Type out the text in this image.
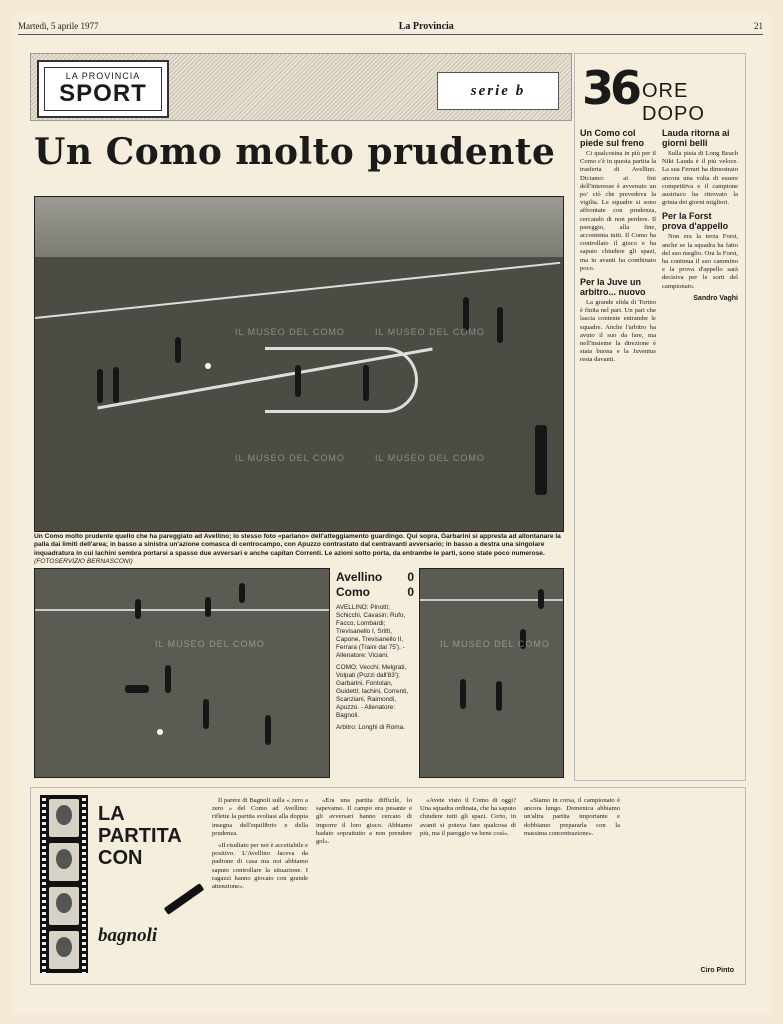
Martedì, 5 aprile 1977	La Provincia	21
LA PROVINCIA
SPORT	serie b
Un Como molto prudente
IL MUSEO DEL COMO	IL MUSEO DEL COMO
IL MUSEO DEL COMO	IL MUSEO DEL COMO
Un Como molto prudente quello che ha pareggiato ad Avellino; lo stesso foto «parlano» dell'atteggiamento guardingo. Qui sopra, Garbarini si appresta ad allontanare la palla dai limiti dell'area; in basso a sinistra un'azione comasca di centrocampo, con Apuzzo contrastato dal centravanti avversario; in basso a destra una singolare inquadratura in cui lachini sembra portarsi a spasso due avversari e anche capitan Correnti. Le azioni sotto porta, da entrambe le parti, sono state poco numerose. (FOTOSERVIZIO BERNASCONI)
IL MUSEO DEL COMO
Avellino 0
Como	0

AVELLINO: Pinotti; Schicchi, Cavasin; Rufo, Facco, Lombardi; Trevisanello I, Sritti, Capone, Trevisanello II, Ferrara (Traini dal 75'). - Allenatore: Viciani.

COMO: Vecchi; Melgrati, Volpati (Pozzi dall'83'); Garbarini, Fontolan, Guidetti; Iachini, Correnti, Scanziani, Raimondi, Apuzzo. - Allenatore: Bagnoli.

Arbitro: Longhi di Roma.

IL MUSEO DEL COMO
36 ORE DOPO
Un Como col piede sul freno

Ci qualcosina in più per il Como c'è in questa partita la trasferta di Avellino. Diciamo: ai fini dell'interesse è avvenuto un po' ciò che prevedeva la vigilia. Le squadre si sono affrontate con prudenza, cercando di non perdere. Il pareggio, alla fine, accontenta tutti. Il Como ha controllato il gioco e ha saputo chiudere gli spazi, ma in avanti ha combinato poco.

Per la Juve un arbitro... nuovo

La grande sfida di Torino è finita nel pari. Un pari che lascia contente entrambe le squadre. Anche l'arbitro ha avuto il suo da fare, ma nell'insieme la direzione è stata buona e la Juventus resta davanti.

Lauda ritorna ai giorni belli

Sulla pista di Long Beach Niki Lauda è il più veloce. La sua Ferrari ha dimostrato ancora una volta di essere competitiva e il campione austriaco ha ritrovato la grinta dei giorni migliori.

Per la Forst prova d'appello

Non era la terza Forst, anche se la squadra ha fatto del suo meglio. Ora la Forst, ha continua il suo cammino e la prova d'appello sarà decisiva per le sorti del campionato.

Sandro Vaghi
LA
PARTITA
CON
bagnoli

Il parere di Bagnoli sulla « zero a zero » del Como ad Avellino: riflette la partita svoltasi alla doppia insegna dell'equilibrio e della prudenza.

«Il risultato per noi è accettabile e positivo. L'Avellino faceva da padrone di casa ma noi abbiamo saputo controllare la situazione. I ragazzi hanno giocato con grande attenzione».

«Era una partita difficile, lo sapevamo. Il campo era pesante e gli avversari hanno cercato di imporre il loro gioco. Abbiamo badato soprattutto a non prendere gol».

«Avete visto il Como di oggi? Una squadra ordinata, che ha saputo chiudere tutti gli spazi. Certo, in avanti si poteva fare qualcosa di più, ma il pareggio va bene così».

«Siamo in corsa, il campionato è ancora lungo. Domenica abbiamo un'altra partita importante e dobbiamo prepararla con la massima concentrazione».

Ciro Pinto
